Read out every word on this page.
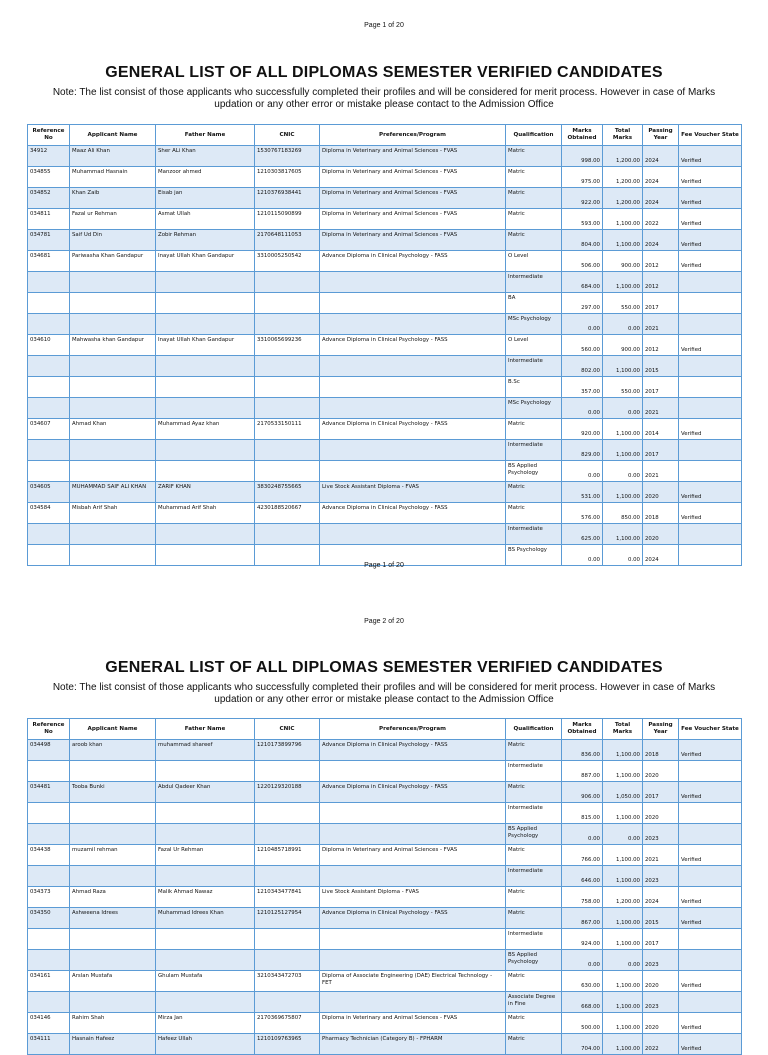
Page 1 of 20
GENERAL LIST OF ALL DIPLOMAS SEMESTER VERIFIED CANDIDATES
Note: The list consist of those applicants who successfully completed their profiles and will be considered for merit process. However in case of Marks
updation or any other error or mistake please contact to the Admission Office
Reference No	Applicant Name	Father Name	CNIC	Preferences/Program	Qualification	Marks Obtained	Total Marks	Passing Year	Fee Voucher State
34912	Maaz Ali Khan	Sher ALi Khan	1530767183269	Diploma in Veterinary and Animal Sciences - FVAS	Matric	998.00	1,200.00	2024	Verified
034855	Muhammad Hasnain	Manzoor ahmed	1210303817605	Diploma in Veterinary and Animal Sciences - FVAS	Matric	975.00	1,200.00	2024	Verified
034852	Khan Zaib	Eisab jan	1210376938441	Diploma in Veterinary and Animal Sciences - FVAS	Matric	922.00	1,200.00	2024	Verified
034811	Fazal ur Rehman	Asmat Ullah	1210115090899	Diploma in Veterinary and Animal Sciences - FVAS	Matric	593.00	1,100.00	2022	Verified
034781	Saif Ud Din	Zobir Rehman	2170648111053	Diploma in Veterinary and Animal Sciences - FVAS	Matric	804.00	1,100.00	2024	Verified
034681	Pariwasha Khan Gandapur	Inayat Ullah Khan Gandapur	3310005250542	Advance Diploma in Clinical Psychology - FASS	O Level	506.00	900.00	2012	Verified
					Intermediate	684.00	1,100.00	2012	
					BA	297.00	550.00	2017	
					MSc Psychology	0.00	0.00	2021	
034610	Mahwasha khan Gandapur	Inayat Ullah Khan Gandapur	3310065699236	Advance Diploma in Clinical Psychology - FASS	O Level	560.00	900.00	2012	Verified
					Intermediate	802.00	1,100.00	2015	
					B.Sc	357.00	550.00	2017	
					MSc Psychology	0.00	0.00	2021	
034607	Ahmad Khan	Muhammad Ayaz khan	2170533150111	Advance Diploma in Clinical Psychology - FASS	Matric	920.00	1,100.00	2014	Verified
					Intermediate	829.00	1,100.00	2017	
					BS Applied Psychology	0.00	0.00	2021	
034605	MUHAMMAD SAIF ALI KHAN	ZARIF KHAN	3830248755665	Live Stock Assistant Diploma - FVAS	Matric	531.00	1,100.00	2020	Verified
034584	Misbah Arif Shah	Muhammad Arif Shah	4230188520667	Advance Diploma in Clinical Psychology - FASS	Matric	576.00	850.00	2018	Verified
					Intermediate	625.00	1,100.00	2020	
					BS Psychology	0.00	0.00	2024	
Page 1 of 20
Page 2 of 20
GENERAL LIST OF ALL DIPLOMAS SEMESTER VERIFIED CANDIDATES
Note: The list consist of those applicants who successfully completed their profiles and will be considered for merit process. However in case of Marks
updation or any other error or mistake please contact to the Admission Office
Reference No	Applicant Name	Father Name	CNIC	Preferences/Program	Qualification	Marks Obtained	Total Marks	Passing Year	Fee Voucher State
034498	aroob khan	muhammad shareef	1210173899796	Advance Diploma in Clinical Psychology - FASS	Matric	836.00	1,100.00	2018	Verified
					Intermediate	887.00	1,100.00	2020	
034481	Tooba Bunki	Abdul Qadeer Khan	1220129320188	Advance Diploma in Clinical Psychology - FASS	Matric	906.00	1,050.00	2017	Verified
					Intermediate	815.00	1,100.00	2020	
					BS Applied Psychology	0.00	0.00	2023	
034438	muzamil rehman	Fazal Ur Rehman	1210485718991	Diploma in Veterinary and Animal Sciences - FVAS	Matric	766.00	1,100.00	2021	Verified
					Intermediate	646.00	1,100.00	2023	
034373	Ahmad Raza	Malik Ahmad Nawaz	1210343477841	Live Stock Assistant Diploma - FVAS	Matric	758.00	1,200.00	2024	Verified
034350	Ashweena Idrees	Muhammad Idrees Khan	1210125127954	Advance Diploma in Clinical Psychology - FASS	Matric	867.00	1,100.00	2015	Verified
					Intermediate	924.00	1,100.00	2017	
					BS Applied Psychology	0.00	0.00	2023	
034161	Arslan Mustafa	Ghulam Mustafa	3210343472703	Diploma of Associate Engineering (DAE) Electrical Technology - FET	Matric	630.00	1,100.00	2020	Verified
					Associate Degree in Fine	668.00	1,100.00	2023	
034146	Rahim Shah	Mirza Jan	2170369675807	Diploma in Veterinary and Animal Sciences - FVAS	Matric	500.00	1,100.00	2020	Verified
034111	Hasnain Hafeez	Hafeez Ullah	1210109763965	Pharmacy Technician (Category B) - FPHARM	Matric	704.00	1,100.00	2022	Verified
